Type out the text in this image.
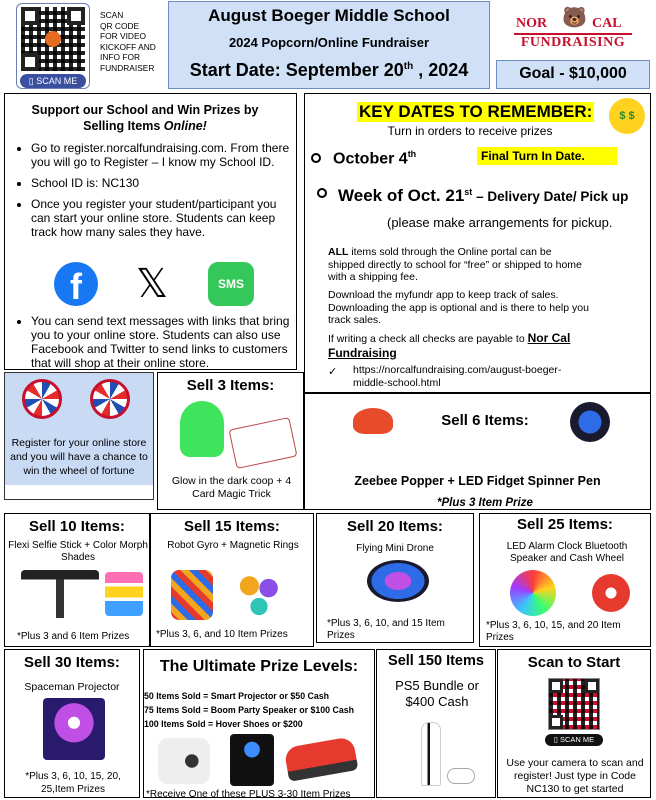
▯ SCAN ME
SCAN
QR CODE
FOR VIDEO
KICKOFF AND
INFO FOR
FUNDRAISER
August Boeger Middle School
2024 Popcorn/Online Fundraiser
Start Date: September 20th , 2024
NOR 🐻 CAL
FUNDRAISING
Goal - $10,000
Support our School and Win Prizes by
Selling Items Online!
• Go to register.norcalfundraising.com. From there you will go to Register – I know my School ID.
• School ID is: NC130
• Once you register your student/participant you can start your online store. Students can keep track how many sales they have.
f	𝕏	SMS
• You can send text messages with links that bring you to your online store. Students can also use Facebook and Twitter to send links to customers that will shop at their online store.
KEY DATES TO REMEMBER:	$ $
Turn in orders to receive prizes
October 4th	Final Turn In Date.
Week of Oct. 21st – Delivery Date/ Pick up
(please make arrangements for pickup.
ALL items sold through the Online portal can be shipped directly to school for “free” or shipped to home with a shipping fee.
Download the myfundr app to keep track of sales. Downloading the app is optional and is there to help you track sales.
If writing a check all checks are payable to Nor Cal Fundraising
✓ https://norcalfundraising.com/august-boeger-middle-school.html
Register for your online store and you will have a chance to win the wheel of fortune
Sell 3 Items:
Glow in the dark coop + 4 Card Magic Trick
Sell 6 Items:
Zeebee Popper + LED Fidget Spinner Pen
*Plus 3 Item Prize
Sell 10 Items:
Flexi Selfie Stick + Color Morph Shades
*Plus 3 and 6 Item Prizes
Sell 15 Items:
Robot Gyro + Magnetic Rings
*Plus 3, 6, and 10 Item Prizes
Sell 20 Items:
Flying Mini Drone
*Plus 3, 6, 10, and 15 Item Prizes
Sell 25 Items:
LED Alarm Clock Bluetooth Speaker and Cash Wheel
*Plus 3, 6, 10, 15, and 20 Item Prizes
Sell 30 Items:
Spaceman Projector
*Plus 3, 6, 10, 15, 20, 25,Item Prizes
The Ultimate Prize Levels:
50 Items Sold = Smart Projector or $50 Cash
75 Items Sold = Boom Party Speaker or $100 Cash
100 Items Sold = Hover Shoes or $200
*Receive One of these PLUS 3-30 Item Prizes
Sell 150 Items
PS5 Bundle or $400 Cash
Scan to Start
▯ SCAN ME
Use your camera to scan and register! Just type in Code NC130 to get started
